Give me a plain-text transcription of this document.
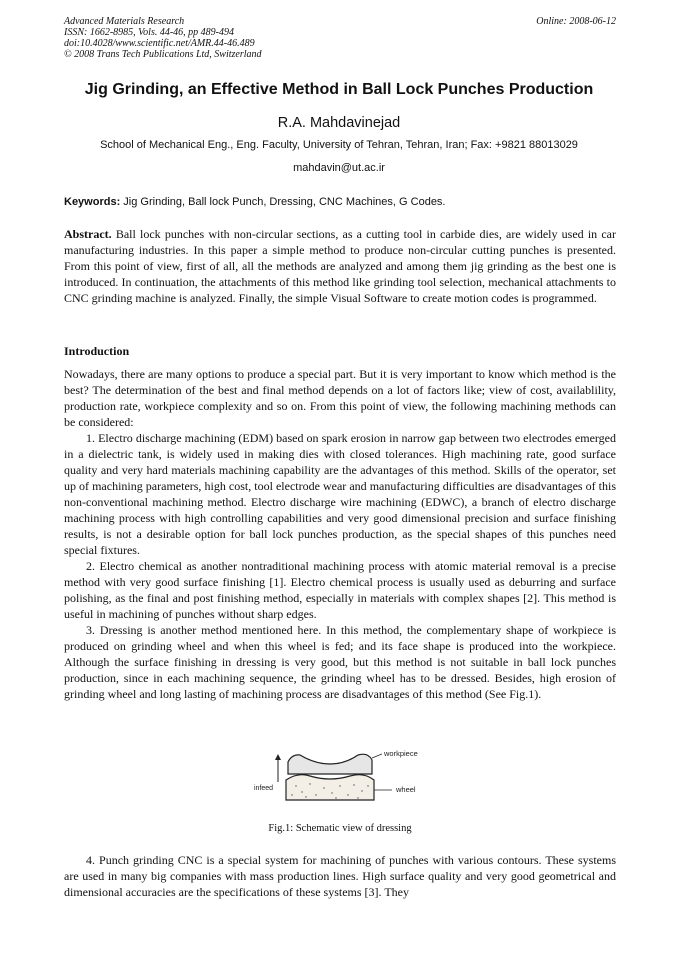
Advanced Materials Research
ISSN: 1662-8985, Vols. 44-46, pp 489-494
doi:10.4028/www.scientific.net/AMR.44-46.489
© 2008 Trans Tech Publications Ltd, Switzerland
Online: 2008-06-12
Jig Grinding, an Effective Method in Ball Lock Punches Production
R.A. Mahdavinejad
School of Mechanical Eng., Eng. Faculty, University of Tehran, Tehran, Iran; Fax: +9821 88013029
mahdavin@ut.ac.ir
Keywords: Jig Grinding, Ball lock Punch, Dressing, CNC Machines, G Codes.

Abstract. Ball lock punches with non-circular sections, as a cutting tool in carbide dies, are widely used in car manufacturing industries. In this paper a simple method to produce non-circular cutting punches is presented. From this point of view, first of all, all the methods are analyzed and among them jig grinding as the best one is introduced. In continuation, the attachments of this method like grinding tool selection, mechanical attachments to CNC grinding machine is analyzed. Finally, the simple Visual Software to create motion codes is programmed.

Introduction

Nowadays, there are many options to produce a special part. But it is very important to know which method is the best? The determination of the best and final method depends on a lot of factors like; view of cost, availablility, production rate, workpiece complexity and so on. From this point of view, the following machining methods can be considered:

1. Electro discharge machining (EDM) based on spark erosion in narrow gap between two electrodes emerged in a dielectric tank, is widely used in making dies with closed tolerances. High machining rate, good surface quality and very hard materials machining capability are the advantages of this method. Skills of the operator, set up of machining parameters, high cost, tool electrode wear and manufacturing difficulties are disadvantages of this non-conventional machining method. Electro discharge wire machining (EDWC), a branch of electro discharge machining process with high controlling capabilities and very good dimensional precision and surface finishing results, is not a desirable option for ball lock punches production, as the special shapes of this punches need special fixtures.

2. Electro chemical as another nontraditional machining process with atomic material removal is a precise method with very good surface finishing [1]. Electro chemical process is usually used as deburring and surface polishing, as the final and post finishing method, especially in materials with complex shapes [2]. This method is useful in machining of punches without sharp edges.

3. Dressing is another method mentioned here. In this method, the complementary shape of workpiece is produced on grinding wheel and when this wheel is fed; and its face shape is produced into the workpiece. Although the surface finishing in dressing is very good, but this method is not suitable in ball lock punches production, since in each machining sequence, the grinding wheel has to be dressed. Besides, high erosion of grinding wheel and long lasting of machining process are disadvantages of this method (See Fig.1).

infeed
workpiece
wheel
Fig.1: Schematic view of dressing

4. Punch grinding CNC is a special system for machining of punches with various contours. These systems are used in many big companies with mass production lines. High surface quality and very good geometrical and dimensional accuracies are the specifications of these systems [3]. They
